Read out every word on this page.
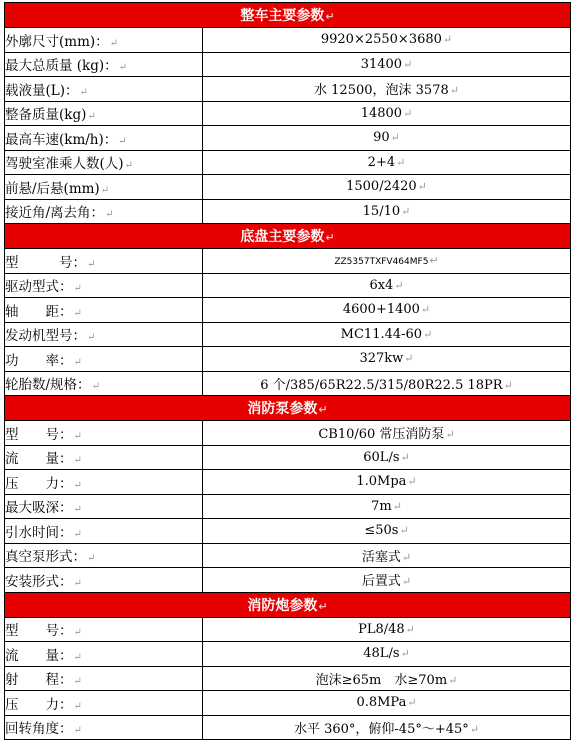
整车主要参数↵	
外廓尺寸(mm)：↵	9920×2550×3680↵
最大总质量 (kg)：↵	31400↵
载液量(L)：↵	水 12500，泡沫 3578↵
整备质量(kg)↵	14800↵
最高车速(km/h)：↵	90↵
驾驶室准乘人数(人)↵	2+4↵
前悬/后悬(mm)↵	1500/2420↵
接近角/离去角：↵	15/10↵
底盘主要参数↵	
型　　　号：↵	ZZ5357TXFV464MF5↵
驱动型式：↵	6x4↵
轴　　距：↵	4600+1400↵
发动机型号：↵	MC11.44-60↵
功　　率：↵	327kw↵
轮胎数/规格：↵	6 个/385/65R22.5/315/80R22.5 18PR↵
消防泵参数↵	
型　　号：↵	CB10/60 常压消防泵↵
流　　量：↵	60L/s↵
压　　力：↵	1.0Mpa↵
最大吸深：↵	7m↵
引水时间：↵	≤50s↵
真空泵形式：↵	活塞式↵
安装形式：↵	后置式↵
消防炮参数↵	
型　　号：↵	PL8/48↵
流　　量：↵	48L/s↵
射　　程：↵	泡沫≥65m　水≥70m↵
压　　力：↵	0.8MPa↵
回转角度：↵	水平 360°，俯仰-45°～+45°↵
